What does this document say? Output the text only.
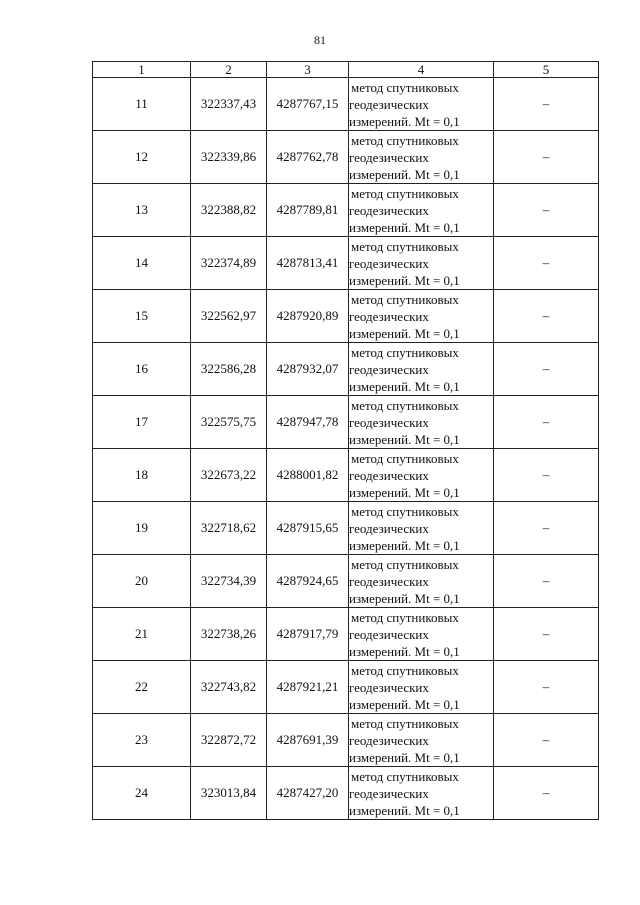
81
1	2	3	4	5
11	322337,43	4287767,15	метод спутниковых
геодезических
измерений. Mt = 0,1	–
12	322339,86	4287762,78	метод спутниковых
геодезических
измерений. Mt = 0,1	–
13	322388,82	4287789,81	метод спутниковых
геодезических
измерений. Mt = 0,1	–
14	322374,89	4287813,41	метод спутниковых
геодезических
измерений. Mt = 0,1	–
15	322562,97	4287920,89	метод спутниковых
геодезических
измерений. Mt = 0,1	–
16	322586,28	4287932,07	метод спутниковых
геодезических
измерений. Mt = 0,1	–
17	322575,75	4287947,78	метод спутниковых
геодезических
измерений. Mt = 0,1	–
18	322673,22	4288001,82	метод спутниковых
геодезических
измерений. Mt = 0,1	–
19	322718,62	4287915,65	метод спутниковых
геодезических
измерений. Mt = 0,1	–
20	322734,39	4287924,65	метод спутниковых
геодезических
измерений. Mt = 0,1	–
21	322738,26	4287917,79	метод спутниковых
геодезических
измерений. Mt = 0,1	–
22	322743,82	4287921,21	метод спутниковых
геодезических
измерений. Mt = 0,1	–
23	322872,72	4287691,39	метод спутниковых
геодезических
измерений. Mt = 0,1	–
24	323013,84	4287427,20	метод спутниковых
геодезических
измерений. Mt = 0,1	–
